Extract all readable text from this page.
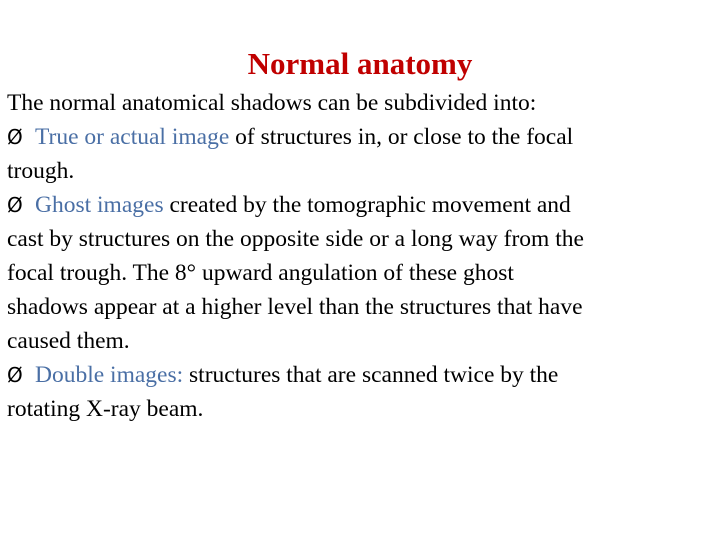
Normal anatomy
The normal anatomical shadows can be subdivided into:
Ø True or actual image of structures in, or close to the focal
trough.
Ø Ghost images created by the tomographic movement and
cast by structures on the opposite side or a long way from the
focal trough. The 8° upward angulation of these ghost
shadows appear at a higher level than the structures that have
caused them.
Ø Double images: structures that are scanned twice by the
rotating X-ray beam.
